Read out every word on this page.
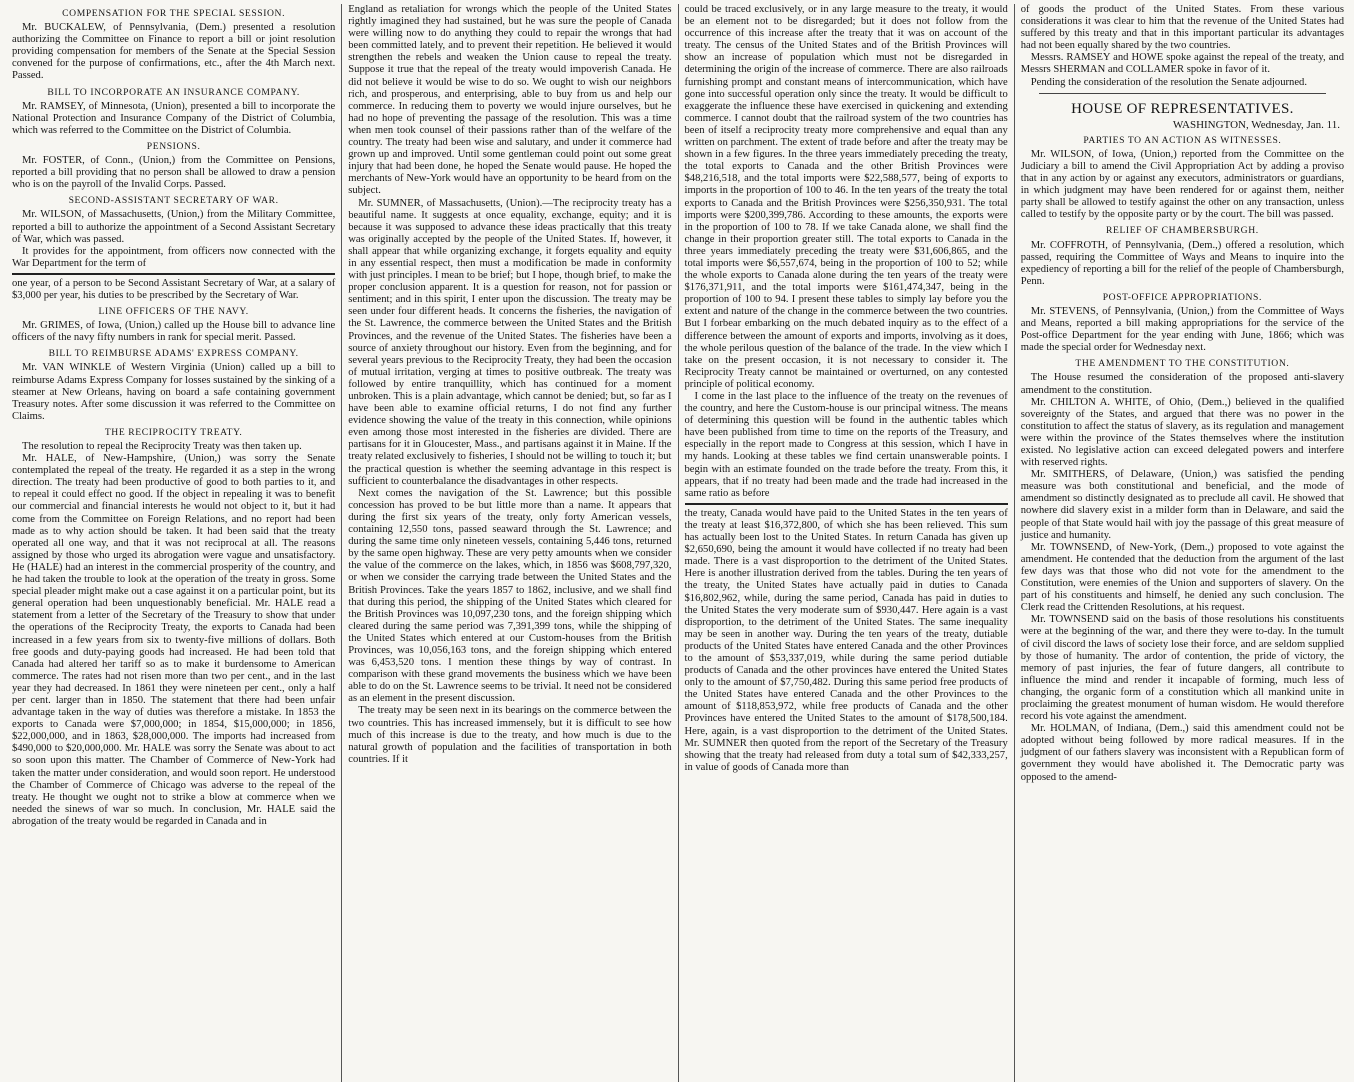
COMPENSATION FOR THE SPECIAL SESSION.

Mr. BUCKALEW, of Pennsylvania, (Dem.) presented a resolution authorizing the Committee on Finance to report a bill or joint resolution providing compensation for members of the Senate at the Special Session convened for the purpose of confirmations, etc., after the 4th March next. Passed.

BILL TO INCORPORATE AN INSURANCE COMPANY.

Mr. RAMSEY, of Minnesota, (Union), presented a bill to incorporate the National Protection and Insurance Company of the District of Columbia, which was referred to the Committee on the District of Columbia.

PENSIONS.

Mr. FOSTER, of Conn., (Union,) from the Committee on Pensions, reported a bill providing that no person shall be allowed to draw a pension who is on the payroll of the Invalid Corps. Passed.

SECOND-ASSISTANT SECRETARY OF WAR.

Mr. WILSON, of Massachusetts, (Union,) from the Military Committee, reported a bill to authorize the appointment of a Second Assistant Secretary of War, which was passed.

It provides for the appointment, from officers now connected with the War Department for the term of

one year, of a person to be Second Assistant Secretary of War, at a salary of $3,000 per year, his duties to be prescribed by the Secretary of War.

LINE OFFICERS OF THE NAVY.

Mr. GRIMES, of Iowa, (Union,) called up the House bill to advance line officers of the navy fifty numbers in rank for special merit. Passed.

BILL TO REIMBURSE ADAMS' EXPRESS COMPANY.

Mr. VAN WINKLE of Western Virginia (Union) called up a bill to reimburse Adams Express Company for losses sustained by the sinking of a steamer at New Orleans, having on board a safe containing government Treasury notes. After some discussion it was referred to the Committee on Claims.

THE RECIPROCITY TREATY.

The resolution to repeal the Reciprocity Treaty was then taken up.

Mr. HALE, of New-Hampshire, (Union,) was sorry the Senate contemplated the repeal of the treaty. He regarded it as a step in the wrong direction. The treaty had been productive of good to both parties to it, and to repeal it could effect no good. If the object in repealing it was to benefit our commercial and financial interests he would not object to it, but it had come from the Committee on Foreign Relations, and no report had been made as to why action should be taken. It had been said that the treaty operated all one way, and that it was not reciprocal at all. The reasons assigned by those who urged its abrogation were vague and unsatisfactory. He (HALE) had an interest in the commercial prosperity of the country, and he had taken the trouble to look at the operation of the treaty in gross. Some special pleader might make out a case against it on a particular point, but its general operation had been unquestionably beneficial. Mr. HALE read a statement from a letter of the Secretary of the Treasury to show that under the operations of the Reciprocity Treaty, the exports to Canada had been increased in a few years from six to twenty-five millions of dollars. Both free goods and duty-paying goods had increased. He had been told that Canada had altered her tariff so as to make it burdensome to American commerce. The rates had not risen more than two per cent., and in the last year they had decreased. In 1861 they were nineteen per cent., only a half per cent. larger than in 1850. The statement that there had been unfair advantage taken in the way of duties was therefore a mistake. In 1853 the exports to Canada were $7,000,000; in 1854, $15,000,000; in 1856, $22,000,000, and in 1863, $28,000,000. The imports had increased from $490,000 to $20,000,000. Mr. HALE was sorry the Senate was about to act so soon upon this matter. The Chamber of Commerce of New-York had taken the matter under consideration, and would soon report. He understood the Chamber of Commerce of Chicago was adverse to the repeal of the treaty. He thought we ought not to strike a blow at commerce when we needed the sinews of war so much. In conclusion, Mr. HALE said the abrogation of the treaty would be regarded in Canada and in

England as retaliation for wrongs which the people of the United States rightly imagined they had sustained, but he was sure the people of Canada were willing now to do anything they could to repair the wrongs that had been committed lately, and to prevent their repetition. He believed it would strengthen the rebels and weaken the Union cause to repeal the treaty. Suppose it true that the repeal of the treaty would impoverish Canada. He did not believe it would be wise to do so. We ought to wish our neighbors rich, and prosperous, and enterprising, able to buy from us and help our commerce. In reducing them to poverty we would injure ourselves, but he had no hope of preventing the passage of the resolution. This was a time when men took counsel of their passions rather than of the welfare of the country. The treaty had been wise and salutary, and under it commerce had grown up and improved. Until some gentleman could point out some great injury that had been done, he hoped the Senate would pause. He hoped the merchants of New-York would have an opportunity to be heard from on the subject.

Mr. SUMNER, of Massachusetts, (Union).—The reciprocity treaty has a beautiful name. It suggests at once equality, exchange, equity; and it is because it was supposed to advance these ideas practically that this treaty was originally accepted by the people of the United States. If, however, it shall appear that while organizing exchange, it forgets equality and equity in any essential respect, then must a modification be made in conformity with just principles. I mean to be brief; but I hope, though brief, to make the proper conclusion apparent. It is a question for reason, not for passion or sentiment; and in this spirit, I enter upon the discussion. The treaty may be seen under four different heads. It concerns the fisheries, the navigation of the St. Lawrence, the commerce between the United States and the British Provinces, and the revenue of the United States. The fisheries have been a source of anxiety throughout our history. Even from the beginning, and for several years previous to the Reciprocity Treaty, they had been the occasion of mutual irritation, verging at times to positive outbreak. The treaty was followed by entire tranquillity, which has continued for a moment unbroken. This is a plain advantage, which cannot be denied; but, so far as I have been able to examine official returns, I do not find any further evidence showing the value of the treaty in this connection, while opinions even among those most interested in the fisheries are divided. There are partisans for it in Gloucester, Mass., and partisans against it in Maine. If the treaty related exclusively to fisheries, I should not be willing to touch it; but the practical question is whether the seeming advantage in this respect is sufficient to counterbalance the disadvantages in other respects.

Next comes the navigation of the St. Lawrence; but this possible concession has proved to be but little more than a name. It appears that during the first six years of the treaty, only forty American vessels, containing 12,550 tons, passed seaward through the St. Lawrence; and during the same time only nineteen vessels, containing 5,446 tons, returned by the same open highway. These are very petty amounts when we consider the value of the commerce on the lakes, which, in 1856 was $608,797,320, or when we consider the carrying trade between the United States and the British Provinces. Take the years 1857 to 1862, inclusive, and we shall find that during this period, the shipping of the United States which cleared for the British Provinces was 10,097,230 tons, and the foreign shipping which cleared during the same period was 7,391,399 tons, while the shipping of the United States which entered at our Custom-houses from the British Provinces, was 10,056,163 tons, and the foreign shipping which entered was 6,453,520 tons. I mention these things by way of contrast. In comparison with these grand movements the business which we have been able to do on the St. Lawrence seems to be trivial. It need not be considered as an element in the present discussion.

The treaty may be seen next in its bearings on the commerce between the two countries. This has increased immensely, but it is difficult to see how much of this increase is due to the treaty, and how much is due to the natural growth of population and the facilities of transportation in both countries. If it

could be traced exclusively, or in any large measure to the treaty, it would be an element not to be disregarded; but it does not follow from the occurrence of this increase after the treaty that it was on account of the treaty. The census of the United States and of the British Provinces will show an increase of population which must not be disregarded in determining the origin of the increase of commerce. There are also railroads furnishing prompt and constant means of intercommunication, which have gone into successful operation only since the treaty. It would be difficult to exaggerate the influence these have exercised in quickening and extending commerce. I cannot doubt that the railroad system of the two countries has been of itself a reciprocity treaty more comprehensive and equal than any written on parchment. The extent of trade before and after the treaty may be shown in a few figures. In the three years immediately preceding the treaty, the total exports to Canada and the other British Provinces were $48,216,518, and the total imports were $22,588,577, being of exports to imports in the proportion of 100 to 46. In the ten years of the treaty the total exports to Canada and the British Provinces were $256,350,931. The total imports were $200,399,786. According to these amounts, the exports were in the proportion of 100 to 78. If we take Canada alone, we shall find the change in their proportion greater still. The total exports to Canada in the three years immediately preceding the treaty were $31,606,865, and the total imports were $6,557,674, being in the proportion of 100 to 52; while the whole exports to Canada alone during the ten years of the treaty were $176,371,911, and the total imports were $161,474,347, being in the proportion of 100 to 94. I present these tables to simply lay before you the extent and nature of the change in the commerce between the two countries. But I forbear embarking on the much debated inquiry as to the effect of a difference between the amount of exports and imports, involving as it does, the whole perilous question of the balance of the trade. In the view which I take on the present occasion, it is not necessary to consider it. The Reciprocity Treaty cannot be maintained or overturned, on any contested principle of political economy.

I come in the last place to the influence of the treaty on the revenues of the country, and here the Custom-house is our principal witness. The means of determining this question will be found in the authentic tables which have been published from time to time on the reports of the Treasury, and especially in the report made to Congress at this session, which I have in my hands. Looking at these tables we find certain unanswerable points. I begin with an estimate founded on the trade before the treaty. From this, it appears, that if no treaty had been made and the trade had increased in the same ratio as before

the treaty, Canada would have paid to the United States in the ten years of the treaty at least $16,372,800, of which she has been relieved. This sum has actually been lost to the United States. In return Canada has given up $2,650,690, being the amount it would have collected if no treaty had been made. There is a vast disproportion to the detriment of the United States. Here is another illustration derived from the tables. During the ten years of the treaty, the United States have actually paid in duties to Canada $16,802,962, while, during the same period, Canada has paid in duties to the United States the very moderate sum of $930,447. Here again is a vast disproportion, to the detriment of the United States. The same inequality may be seen in another way. During the ten years of the treaty, dutiable products of the United States have entered Canada and the other Provinces to the amount of $53,337,019, while during the same period dutiable products of Canada and the other provinces have entered the United States only to the amount of $7,750,482. During this same period free products of the United States have entered Canada and the other Provinces to the amount of $118,853,972, while free products of Canada and the other Provinces have entered the United States to the amount of $178,500,184. Here, again, is a vast disproportion to the detriment of the United States. Mr. SUMNER then quoted from the report of the Secretary of the Treasury showing that the treaty had released from duty a total sum of $42,333,257, in value of goods of Canada more than

of goods the product of the United States. From these various considerations it was clear to him that the revenue of the United States had suffered by this treaty and that in this important particular its advantages had not been equally shared by the two countries.

Messrs. RAMSEY and HOWE spoke against the repeal of the treaty, and Messrs SHERMAN and COLLAMER spoke in favor of it.

Pending the consideration of the resolution the Senate adjourned.

HOUSE OF REPRESENTATIVES.
WASHINGTON, Wednesday, Jan. 11.
PARTIES TO AN ACTION AS WITNESSES.

Mr. WILSON, of Iowa, (Union,) reported from the Committee on the Judiciary a bill to amend the Civil Appropriation Act by adding a proviso that in any action by or against any executors, administrators or guardians, in which judgment may have been rendered for or against them, neither party shall be allowed to testify against the other on any transaction, unless called to testify by the opposite party or by the court. The bill was passed.

RELIEF OF CHAMBERSBURGH.

Mr. COFFROTH, of Pennsylvania, (Dem.,) offered a resolution, which passed, requiring the Committee of Ways and Means to inquire into the expediency of reporting a bill for the relief of the people of Chambersburgh, Penn.

POST-OFFICE APPROPRIATIONS.

Mr. STEVENS, of Pennsylvania, (Union,) from the Committee of Ways and Means, reported a bill making appropriations for the service of the Post-office Department for the year ending with June, 1866; which was made the special order for Wednesday next.

THE AMENDMENT TO THE CONSTITUTION.

The House resumed the consideration of the proposed anti-slavery amendment to the constitution.

Mr. CHILTON A. WHITE, of Ohio, (Dem.,) believed in the qualified sovereignty of the States, and argued that there was no power in the constitution to affect the status of slavery, as its regulation and management were within the province of the States themselves where the institution existed. No legislative action can exceed delegated powers and interfere with reserved rights.

Mr. SMITHERS, of Delaware, (Union,) was satisfied the pending measure was both constitutional and beneficial, and the mode of amendment so distinctly designated as to preclude all cavil. He showed that nowhere did slavery exist in a milder form than in Delaware, and said the people of that State would hail with joy the passage of this great measure of justice and humanity.

Mr. TOWNSEND, of New-York, (Dem.,) proposed to vote against the amendment. He contended that the deduction from the argument of the last few days was that those who did not vote for the amendment to the Constitution, were enemies of the Union and supporters of slavery. On the part of his constituents and himself, he denied any such conclusion. The Clerk read the Crittenden Resolutions, at his request.

Mr. TOWNSEND said on the basis of those resolutions his constituents were at the beginning of the war, and there they were to-day. In the tumult of civil discord the laws of society lose their force, and are seldom supplied by those of humanity. The ardor of contention, the pride of victory, the memory of past injuries, the fear of future dangers, all contribute to influence the mind and render it incapable of forming, much less of changing, the organic form of a constitution which all mankind unite in proclaiming the greatest monument of human wisdom. He would therefore record his vote against the amendment.

Mr. HOLMAN, of Indiana, (Dem.,) said this amendment could not be adopted without being followed by more radical measures. If in the judgment of our fathers slavery was inconsistent with a Republican form of government they would have abolished it. The Democratic party was opposed to the amend-
